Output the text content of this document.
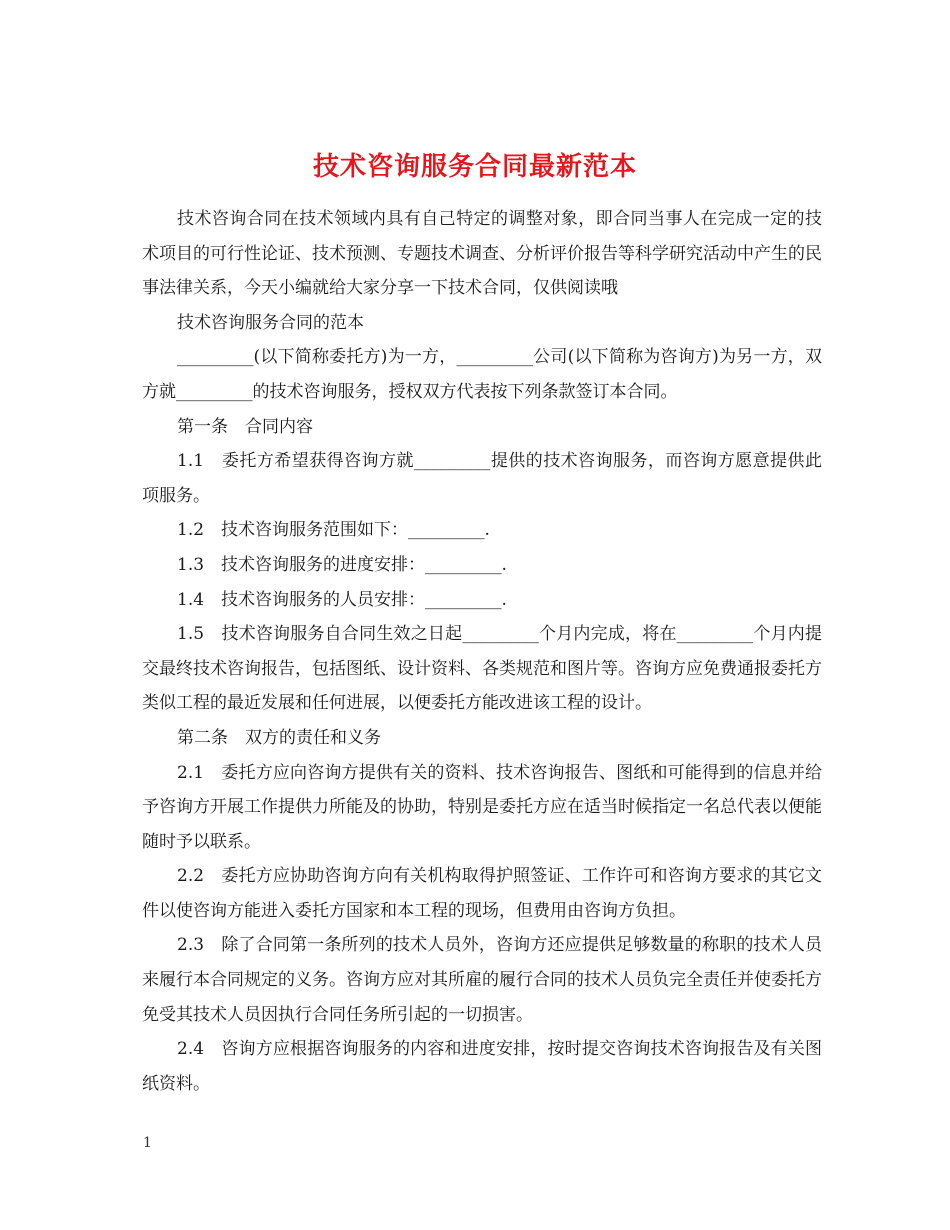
技术咨询服务合同最新范本

技术咨询合同在技术领域内具有自己特定的调整对象，即合同当事人在完成一定的技术项目的可行性论证、技术预测、专题技术调查、分析评价报告等科学研究活动中产生的民事法律关系，今天小编就给大家分享一下技术合同，仅供阅读哦

技术咨询服务合同的范本

_________(以下简称委托方)为一方，_________公司(以下简称为咨询方)为另一方，双方就_________的技术咨询服务，授权双方代表按下列条款签订本合同。

第一条　合同内容

1.1　委托方希望获得咨询方就_________提供的技术咨询服务，而咨询方愿意提供此项服务。

1.2　技术咨询服务范围如下：_________.

1.3　技术咨询服务的进度安排：_________.

1.4　技术咨询服务的人员安排：_________.

1.5　技术咨询服务自合同生效之日起_________个月内完成，将在_________个月内提交最终技术咨询报告，包括图纸、设计资料、各类规范和图片等。咨询方应免费通报委托方类似工程的最近发展和任何进展，以便委托方能改进该工程的设计。

第二条　双方的责任和义务

2.1　委托方应向咨询方提供有关的资料、技术咨询报告、图纸和可能得到的信息并给予咨询方开展工作提供力所能及的协助，特别是委托方应在适当时候指定一名总代表以便能随时予以联系。

2.2　委托方应协助咨询方向有关机构取得护照签证、工作许可和咨询方要求的其它文件以使咨询方能进入委托方国家和本工程的现场，但费用由咨询方负担。

2.3　除了合同第一条所列的技术人员外，咨询方还应提供足够数量的称职的技术人员来履行本合同规定的义务。咨询方应对其所雇的履行合同的技术人员负完全责任并使委托方免受其技术人员因执行合同任务所引起的一切损害。

2.4　咨询方应根据咨询服务的内容和进度安排，按时提交咨询技术咨询报告及有关图纸资料。

1
